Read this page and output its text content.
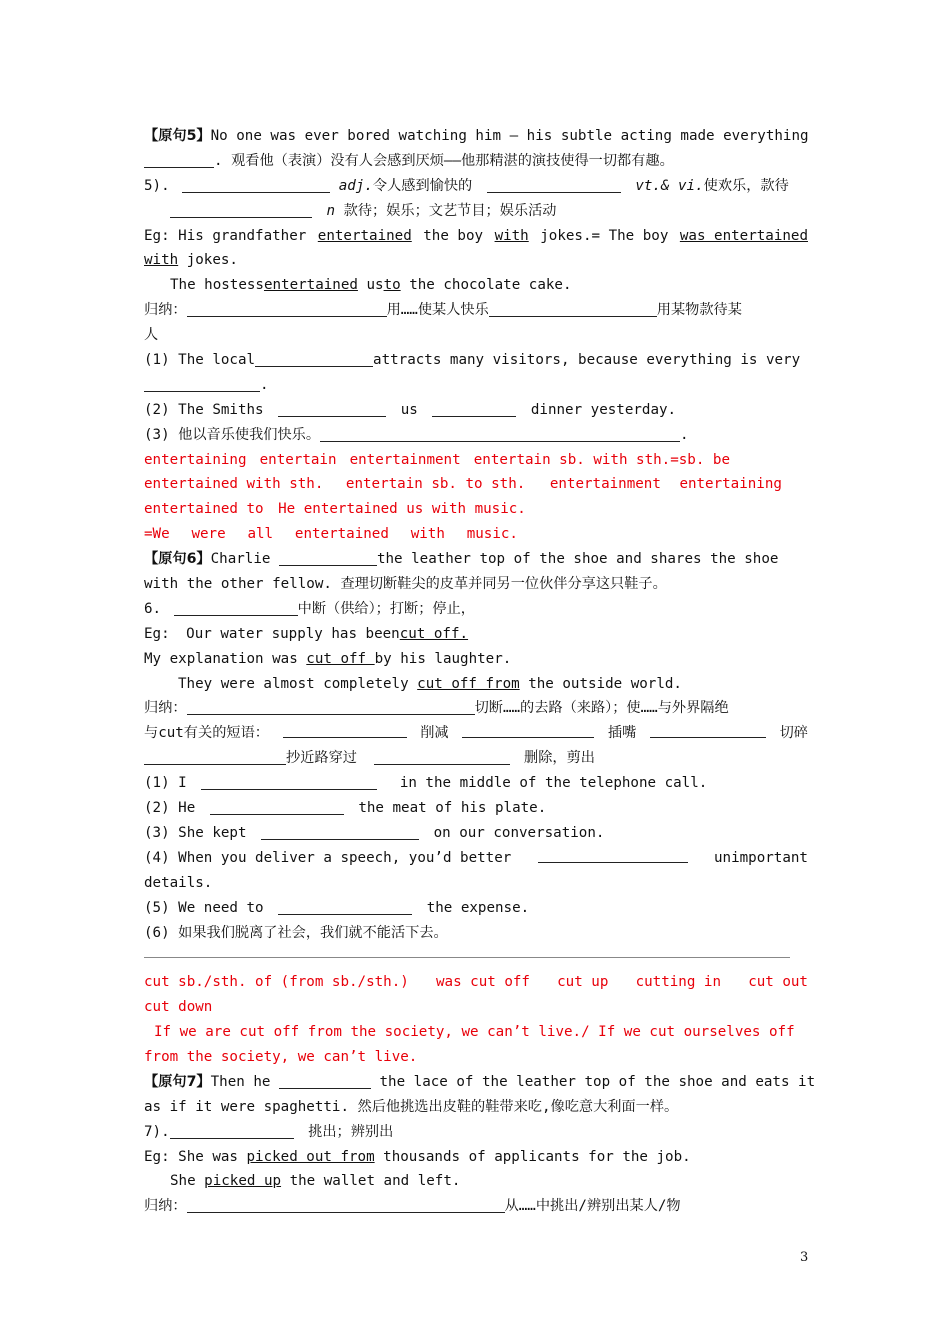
【原句5】No one was ever bored watching him — his subtle acting made everything
. 观看他（表演）没有人会感到厌烦——他那精湛的演技使得一切都有趣。
5).	adj.令人感到愉快的	vt.& vi.使欢乐，款待
n 款待；娱乐；文艺节目；娱乐活动
Eg: His grandfather entertained the boy with jokes.= The boy was entertained
with jokes.
The hostessentertained usto the chocolate cake.
归纳：	用……使某人快乐	用某物款待某
人
(1) The local	attracts many visitors, because everything is very
.
(2) The Smiths	us	dinner yesterday.
(3) 他以音乐使我们快乐。	.
entertaining entertain entertainment entertain sb. with sth.=sb. be
entertained with sth. entertain sb. to sth. entertainment entertaining
entertained to He entertained us with music.
=We were all entertained with music.
【原句6】Charlie	the leather top of the shoe and shares the shoe
with the other fellow. 查理切断鞋尖的皮革并同另一位伙伴分享这只鞋子。
6.	中断（供给）；打断；停止，
Eg: Our water supply has beencut off.
My explanation was cut off by his laughter.
They were almost completely cut off from the outside world.
归纳：	切断……的去路（来路）；使……与外界隔绝
与cut有关的短语：	削减	插嘴	切碎
抄近路穿过	删除，剪出
(1) I	in the middle of the telephone call.
(2) He	the meat of his plate.
(3) She kept	on our conversation.
(4) When you deliver a speech, you’d better	unimportant
details.
(5) We need to	the expense.
(6) 如果我们脱离了社会，我们就不能活下去。
cut sb./sth. of (from sb./sth.) was cut off cut up cutting in cut out
cut down
If we are cut off from the society, we can’t live./ If we cut ourselves off
from the society, we can’t live.
【原句7】Then he	the lace of the leather top of the shoe and eats it
as if it were spaghetti. 然后他挑选出皮鞋的鞋带来吃,像吃意大利面一样。
7).	挑出；辨别出
Eg: She was picked out from thousands of applicants for the job.
She picked up the wallet and left.
归纳：	从……中挑出/辨别出某人/物
3
